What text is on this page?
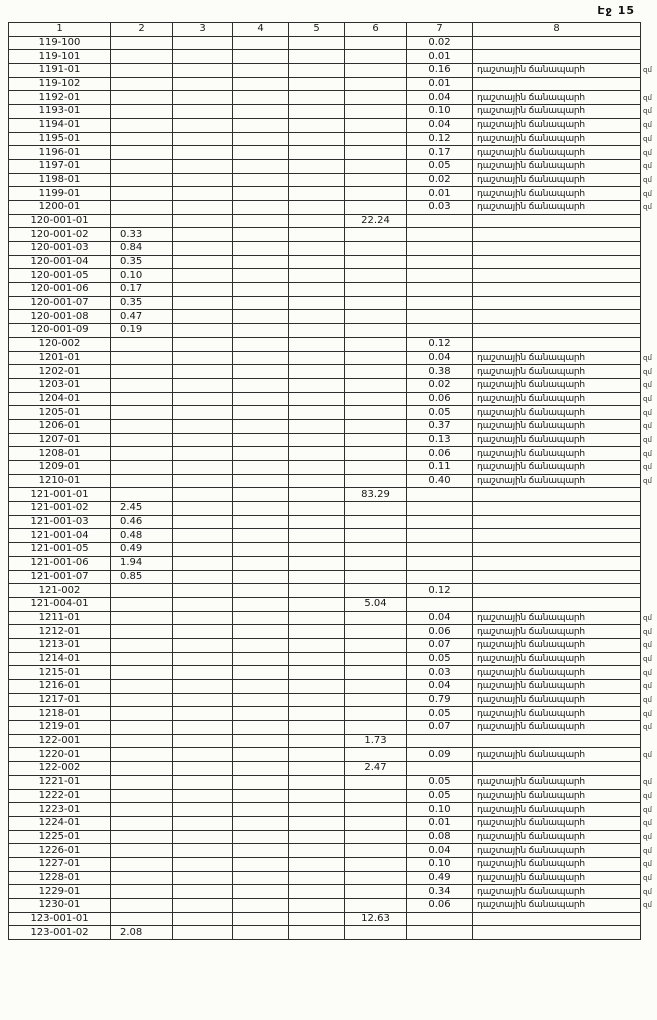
Էջ 15
1	2	3	4	5	6	7	8	
119-100						0.02		
119-101						0.01		
1191-01						0.16	դաշտային ճանապարհ	զմ
119-102						0.01		
1192-01						0.04	դաշտային ճանապարհ	զմ
1193-01						0.10	դաշտային ճանապարհ	զմ
1194-01						0.04	դաշտային ճանապարհ	զմ
1195-01						0.12	դաշտային ճանապարհ	զմ
1196-01						0.17	դաշտային ճանապարհ	զմ
1197-01						0.05	դաշտային ճանապարհ	զմ
1198-01						0.02	դաշտային ճանապարհ	զմ
1199-01						0.01	դաշտային ճանապարհ	զմ
1200-01						0.03	դաշտային ճանապարհ	զմ
120-001-01					22.24			
120-001-02	0.33							
120-001-03	0.84							
120-001-04	0.35							
120-001-05	0.10							
120-001-06	0.17							
120-001-07	0.35							
120-001-08	0.47							
120-001-09	0.19							
120-002						0.12		
1201-01						0.04	դաշտային ճանապարհ	զմ
1202-01						0.38	դաշտային ճանապարհ	զմ
1203-01						0.02	դաշտային ճանապարհ	զմ
1204-01						0.06	դաշտային ճանապարհ	զմ
1205-01						0.05	դաշտային ճանապարհ	զմ
1206-01						0.37	դաշտային ճանապարհ	զմ
1207-01						0.13	դաշտային ճանապարհ	զմ
1208-01						0.06	դաշտային ճանապարհ	զմ
1209-01						0.11	դաշտային ճանապարհ	զմ
1210-01						0.40	դաշտային ճանապարհ	զմ
121-001-01					83.29			
121-001-02	2.45							
121-001-03	0.46							
121-001-04	0.48							
121-001-05	0.49							
121-001-06	1.94							
121-001-07	0.85							
121-002						0.12		
121-004-01					5.04			
1211-01						0.04	դաշտային ճանապարհ	զմ
1212-01						0.06	դաշտային ճանապարհ	զմ
1213-01						0.07	դաշտային ճանապարհ	զմ
1214-01						0.05	դաշտային ճանապարհ	զմ
1215-01						0.03	դաշտային ճանապարհ	զմ
1216-01						0.04	դաշտային ճանապարհ	զմ
1217-01						0.79	դաշտային ճանապարհ	զմ
1218-01						0.05	դաշտային ճանապարհ	զմ
1219-01						0.07	դաշտային ճանապարհ	զմ
122-001					1.73			
1220-01						0.09	դաշտային ճանապարհ	զմ
122-002					2.47			
1221-01						0.05	դաշտային ճանապարհ	զմ
1222-01						0.05	դաշտային ճանապարհ	զմ
1223-01						0.10	դաշտային ճանապարհ	զմ
1224-01						0.01	դաշտային ճանապարհ	զմ
1225-01						0.08	դաշտային ճանապարհ	զմ
1226-01						0.04	դաշտային ճանապարհ	զմ
1227-01						0.10	դաշտային ճանապարհ	զմ
1228-01						0.49	դաշտային ճանապարհ	զմ
1229-01						0.34	դաշտային ճանապարհ	զմ
1230-01						0.06	դաշտային ճանապարհ	զմ
123-001-01					12.63			
123-001-02	2.08							
